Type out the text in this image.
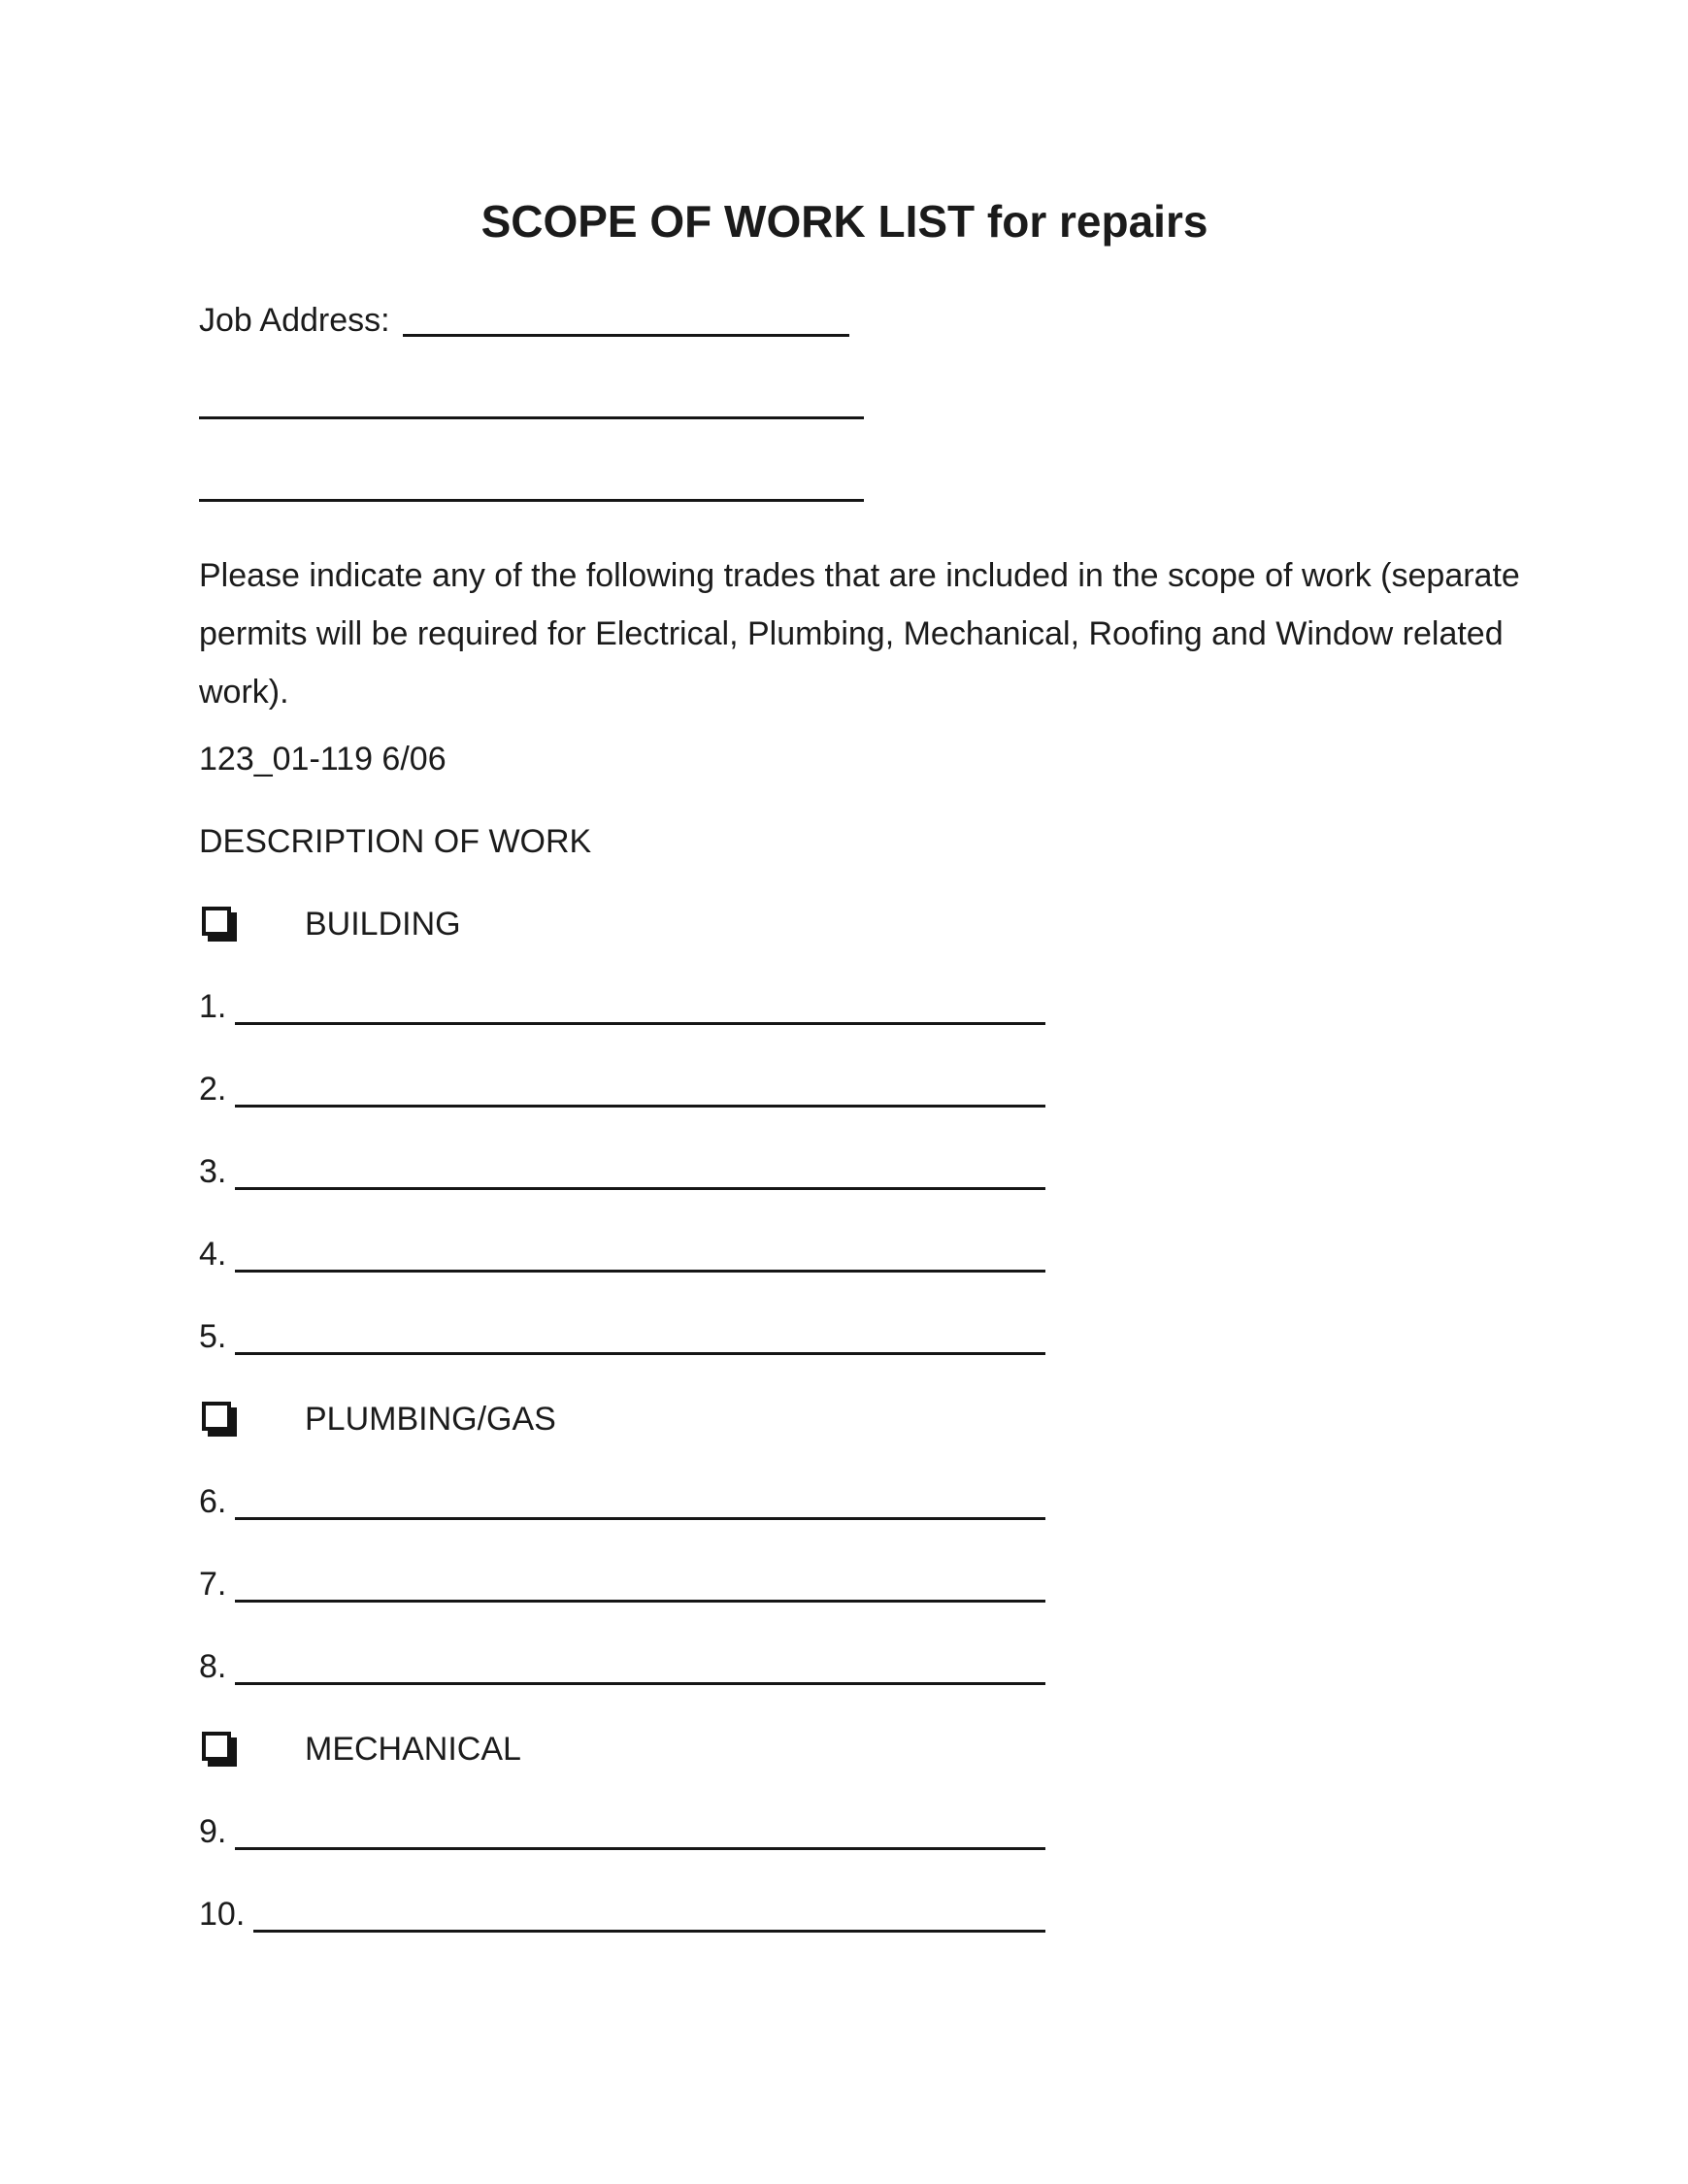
SCOPE OF WORK LIST for repairs
Job Address:

Please indicate any of the following trades that are included in the scope of work (separate permits will be required for Electrical, Plumbing, Mechanical, Roofing and Window related work).

123_01-119 6/06
DESCRIPTION OF WORK
BUILDING
1.
2.
3.
4.
5.
PLUMBING/GAS
6.
7.
8.
MECHANICAL
9.
10.
